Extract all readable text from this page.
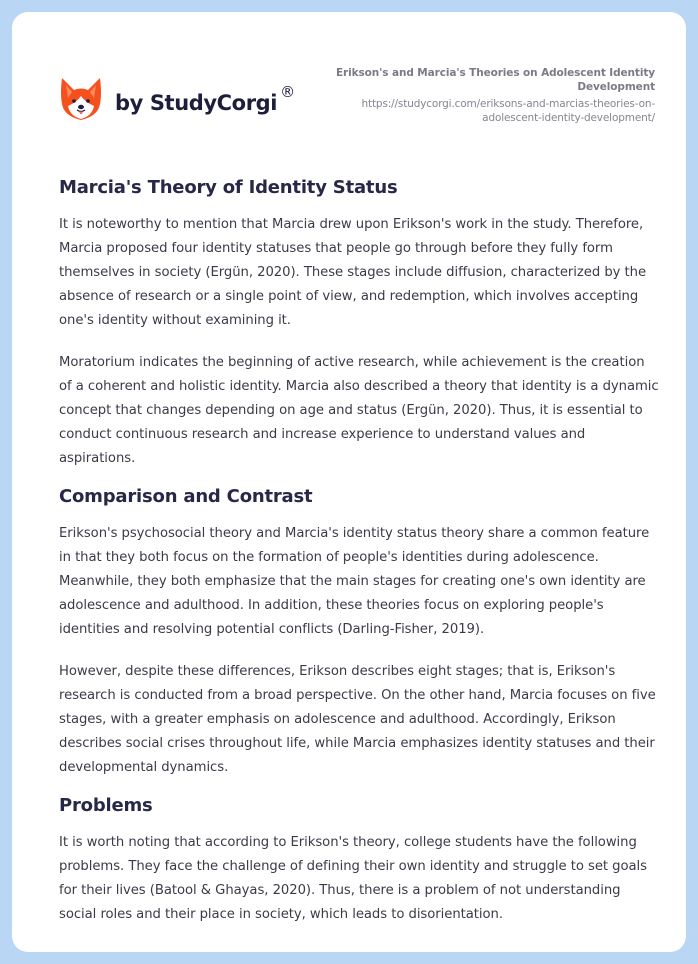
by StudyCorgi ®
Erikson's and Marcia's Theories on Adolescent Identity Development
https://studycorgi.com/eriksons-and-marcias-theories-on-adolescent-identity-development/
Marcia's Theory of Identity Status

It is noteworthy to mention that Marcia drew upon Erikson's work in the study. Therefore, Marcia proposed four identity statuses that people go through before they fully form themselves in society (Ergün, 2020). These stages include diffusion, characterized by the absence of research or a single point of view, and redemption, which involves accepting one's identity without examining it.

Moratorium indicates the beginning of active research, while achievement is the creation of a coherent and holistic identity. Marcia also described a theory that identity is a dynamic concept that changes depending on age and status (Ergün, 2020). Thus, it is essential to conduct continuous research and increase experience to understand values and aspirations.

Comparison and Contrast

Erikson's psychosocial theory and Marcia's identity status theory share a common feature in that they both focus on the formation of people's identities during adolescence. Meanwhile, they both emphasize that the main stages for creating one's own identity are adolescence and adulthood. In addition, these theories focus on exploring people's identities and resolving potential conflicts (Darling-Fisher, 2019).

However, despite these differences, Erikson describes eight stages; that is, Erikson's research is conducted from a broad perspective. On the other hand, Marcia focuses on five stages, with a greater emphasis on adolescence and adulthood. Accordingly, Erikson describes social crises throughout life, while Marcia emphasizes identity statuses and their developmental dynamics.

Problems

It is worth noting that according to Erikson's theory, college students have the following problems. They face the challenge of defining their own identity and struggle to set goals for their lives (Batool & Ghayas, 2020). Thus, there is a problem of not understanding social roles and their place in society, which leads to disorientation.
